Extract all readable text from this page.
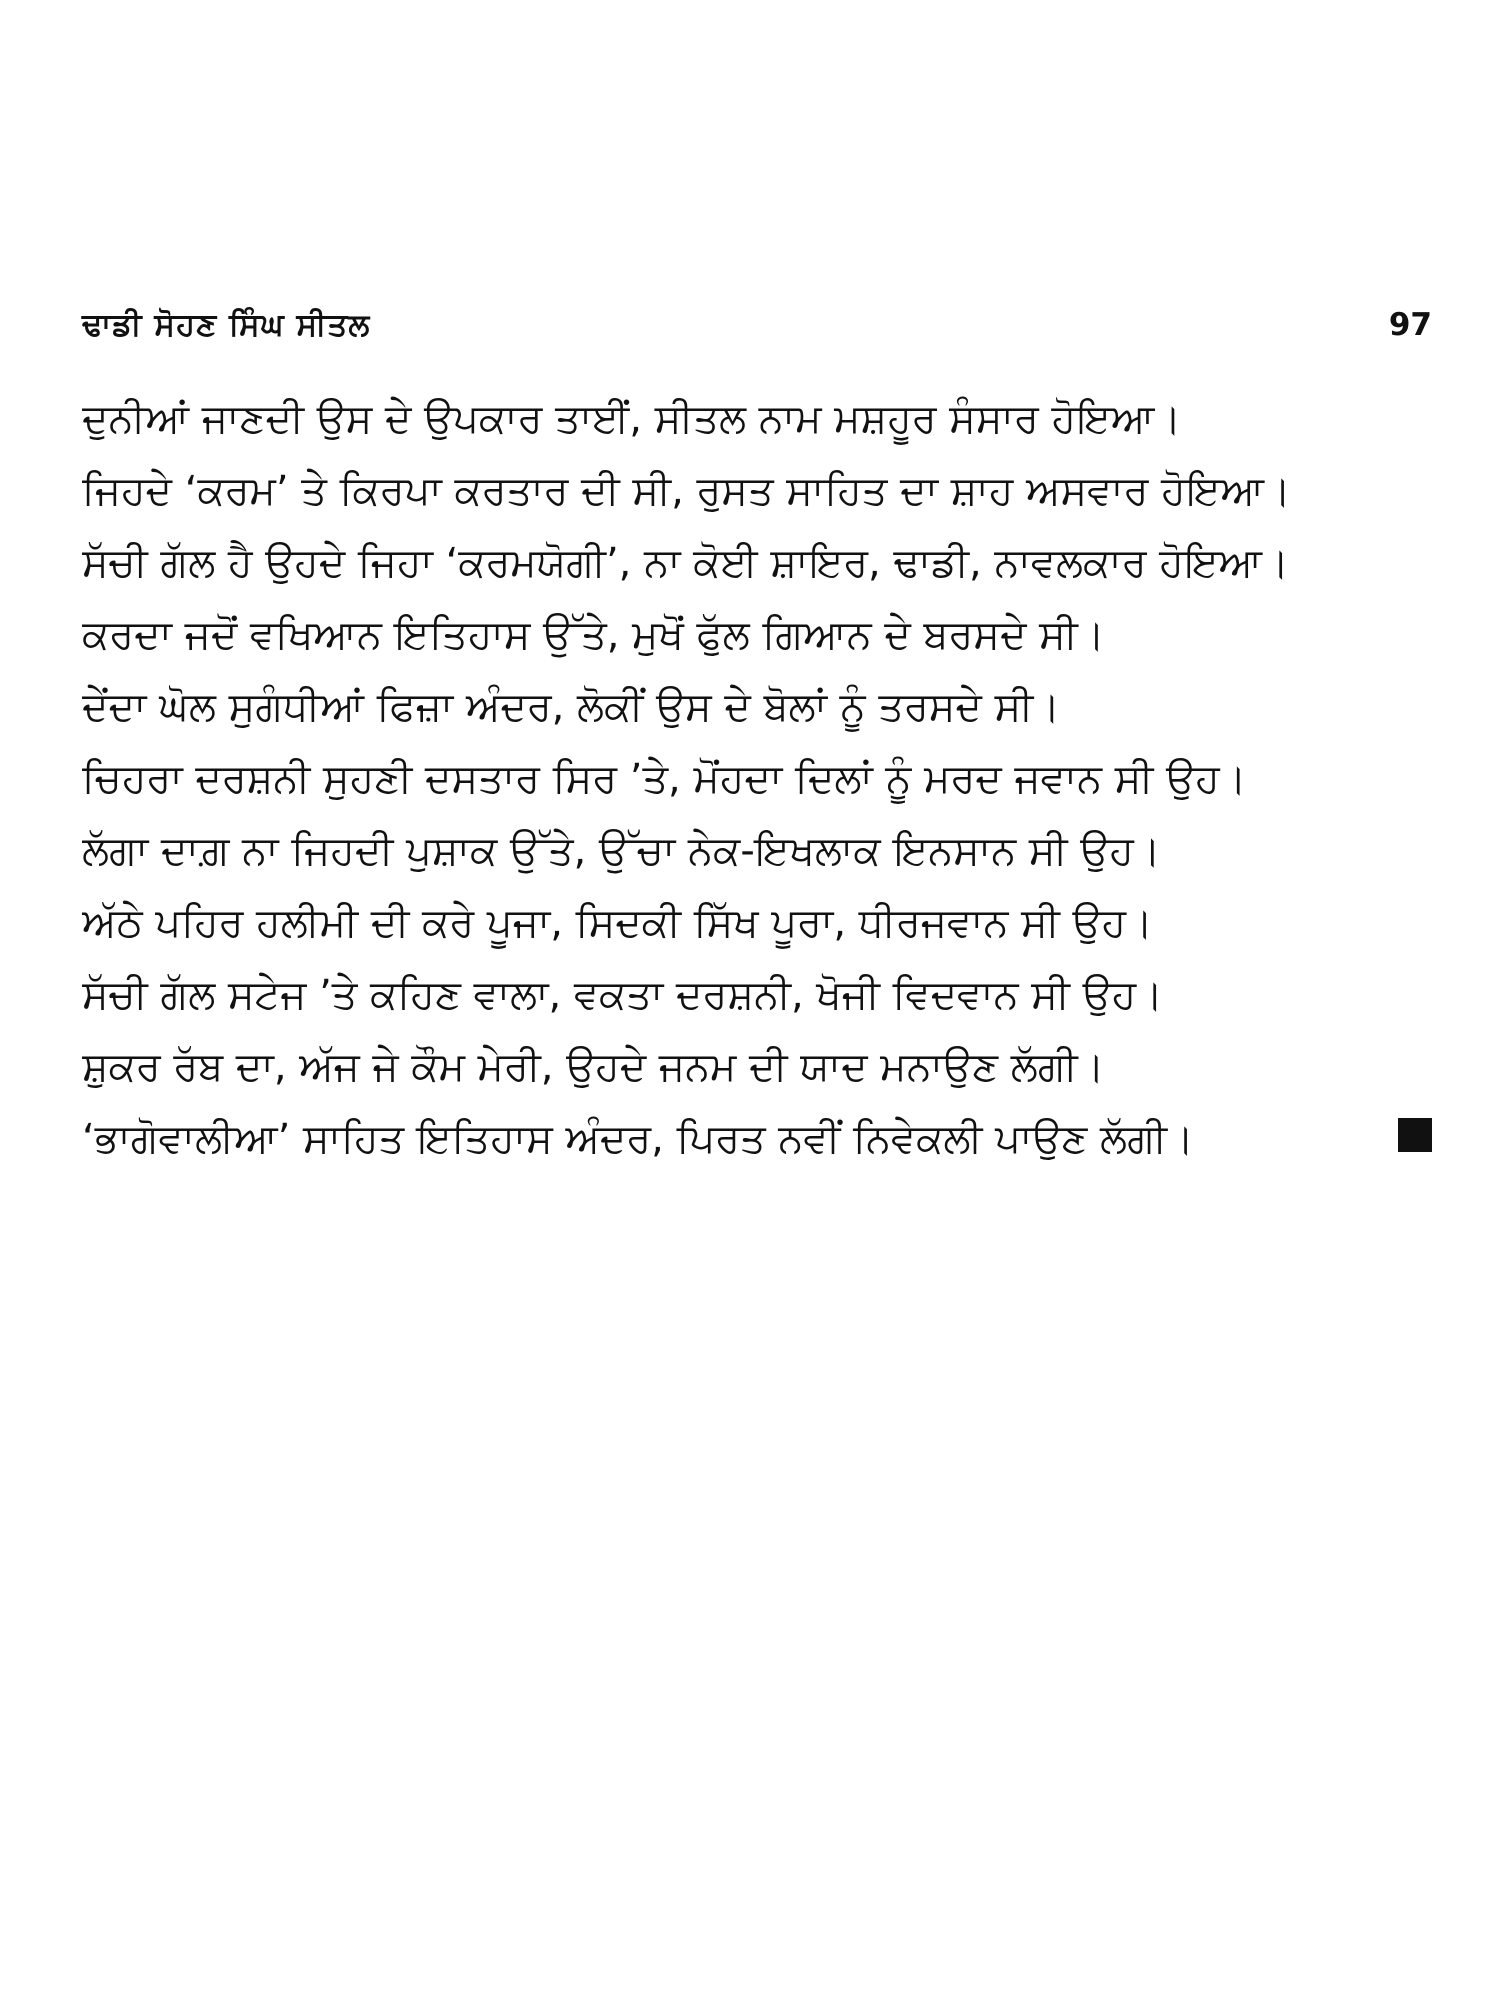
ਢਾਡੀ ਸੋਹਣ ਸਿੰਘ ਸੀਤਲ	97
ਦੁਨੀਆਂ ਜਾਣਦੀ ਉਸ ਦੇ ਉਪਕਾਰ ਤਾਈਂ, ਸੀਤਲ ਨਾਮ ਮਸ਼ਹੂਰ ਸੰਸਾਰ ਹੋਇਆ।
ਜਿਹਦੇ ‘ਕਰਮ’ ਤੇ ਕਿਰਪਾ ਕਰਤਾਰ ਦੀ ਸੀ, ਰੁਸਤ ਸਾਹਿਤ ਦਾ ਸ਼ਾਹ ਅਸਵਾਰ ਹੋਇਆ।
ਸੱਚੀ ਗੱਲ ਹੈ ਉਹਦੇ ਜਿਹਾ ‘ਕਰਮਯੋਗੀ’, ਨਾ ਕੋਈ ਸ਼ਾਇਰ, ਢਾਡੀ, ਨਾਵਲਕਾਰ ਹੋਇਆ।
ਕਰਦਾ ਜਦੋਂ ਵਖਿਆਨ ਇਤਿਹਾਸ ਉੱਤੇ, ਮੁਖੋਂ ਫੁੱਲ ਗਿਆਨ ਦੇ ਬਰਸਦੇ ਸੀ।
ਦੇਂਦਾ ਘੋਲ ਸੁਗੰਧੀਆਂ ਫਿਜ਼ਾ ਅੰਦਰ, ਲੋਕੀਂ ਉਸ ਦੇ ਬੋਲਾਂ ਨੂੰ ਤਰਸਦੇ ਸੀ।
ਚਿਹਰਾ ਦਰਸ਼ਨੀ ਸੁਹਣੀ ਦਸਤਾਰ ਸਿਰ ’ਤੇ, ਮੋਂਹਦਾ ਦਿਲਾਂ ਨੂੰ ਮਰਦ ਜਵਾਨ ਸੀ ਉਹ।
ਲੱਗਾ ਦਾਗ਼ ਨਾ ਜਿਹਦੀ ਪੁਸ਼ਾਕ ਉੱਤੇ, ਉੱਚਾ ਨੇਕ-ਇਖਲਾਕ ਇਨਸਾਨ ਸੀ ਉਹ।
ਅੱਠੇ ਪਹਿਰ ਹਲੀਮੀ ਦੀ ਕਰੇ ਪੂਜਾ, ਸਿਦਕੀ ਸਿੱਖ ਪੂਰਾ, ਧੀਰਜਵਾਨ ਸੀ ਉਹ।
ਸੱਚੀ ਗੱਲ ਸਟੇਜ ’ਤੇ ਕਹਿਣ ਵਾਲਾ, ਵਕਤਾ ਦਰਸ਼ਨੀ, ਖੋਜੀ ਵਿਦਵਾਨ ਸੀ ਉਹ।
ਸ਼ੁਕਰ ਰੱਬ ਦਾ, ਅੱਜ ਜੇ ਕੌਮ ਮੇਰੀ, ਉਹਦੇ ਜਨਮ ਦੀ ਯਾਦ ਮਨਾਉਣ ਲੱਗੀ।
‘ਭਾਗੋਵਾਲੀਆ’ ਸਾਹਿਤ ਇਤਿਹਾਸ ਅੰਦਰ, ਪਿਰਤ ਨਵੀਂ ਨਿਵੇਕਲੀ ਪਾਉਣ ਲੱਗੀ।
